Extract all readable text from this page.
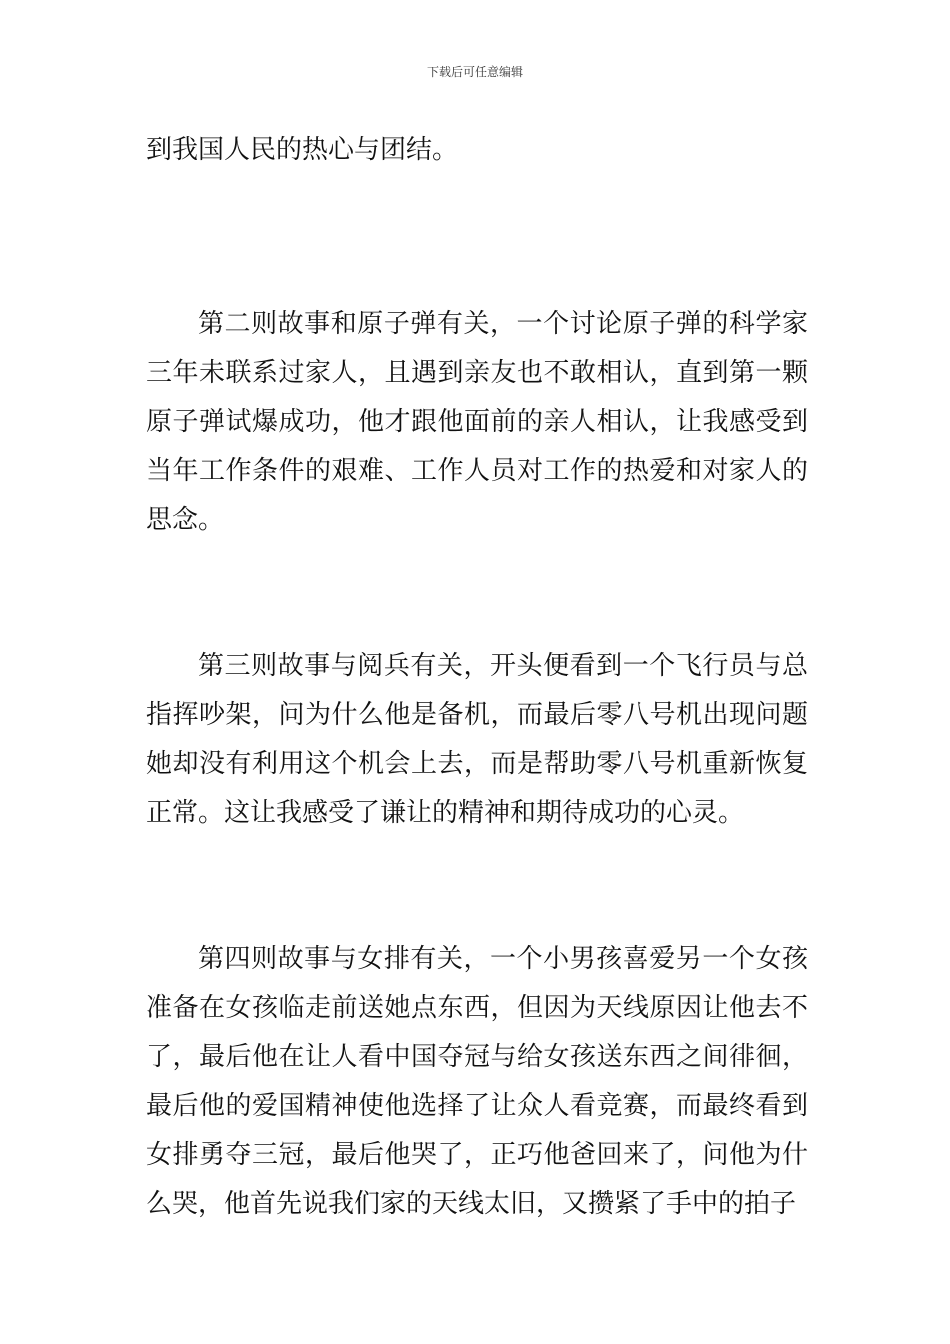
下载后可任意编辑

到我国人民的热心与团结。

第二则故事和原子弹有关，一个讨论原子弹的科学家三年未联系过家人，且遇到亲友也不敢相认，直到第一颗原子弹试爆成功，他才跟他面前的亲人相认，让我感受到当年工作条件的艰难、工作人员对工作的热爱和对家人的思念。

第三则故事与阅兵有关，开头便看到一个飞行员与总指挥吵架，问为什么他是备机，而最后零八号机出现问题她却没有利用这个机会上去，而是帮助零八号机重新恢复正常。这让我感受了谦让的精神和期待成功的心灵。

第四则故事与女排有关，一个小男孩喜爱另一个女孩准备在女孩临走前送她点东西，但因为天线原因让他去不了，最后他在让人看中国夺冠与给女孩送东西之间徘徊，最后他的爱国精神使他选择了让众人看竞赛，而最终看到女排勇夺三冠，最后他哭了，正巧他爸回来了，问他为什么哭，他首先说我们家的天线太旧，又攒紧了手中的拍子
